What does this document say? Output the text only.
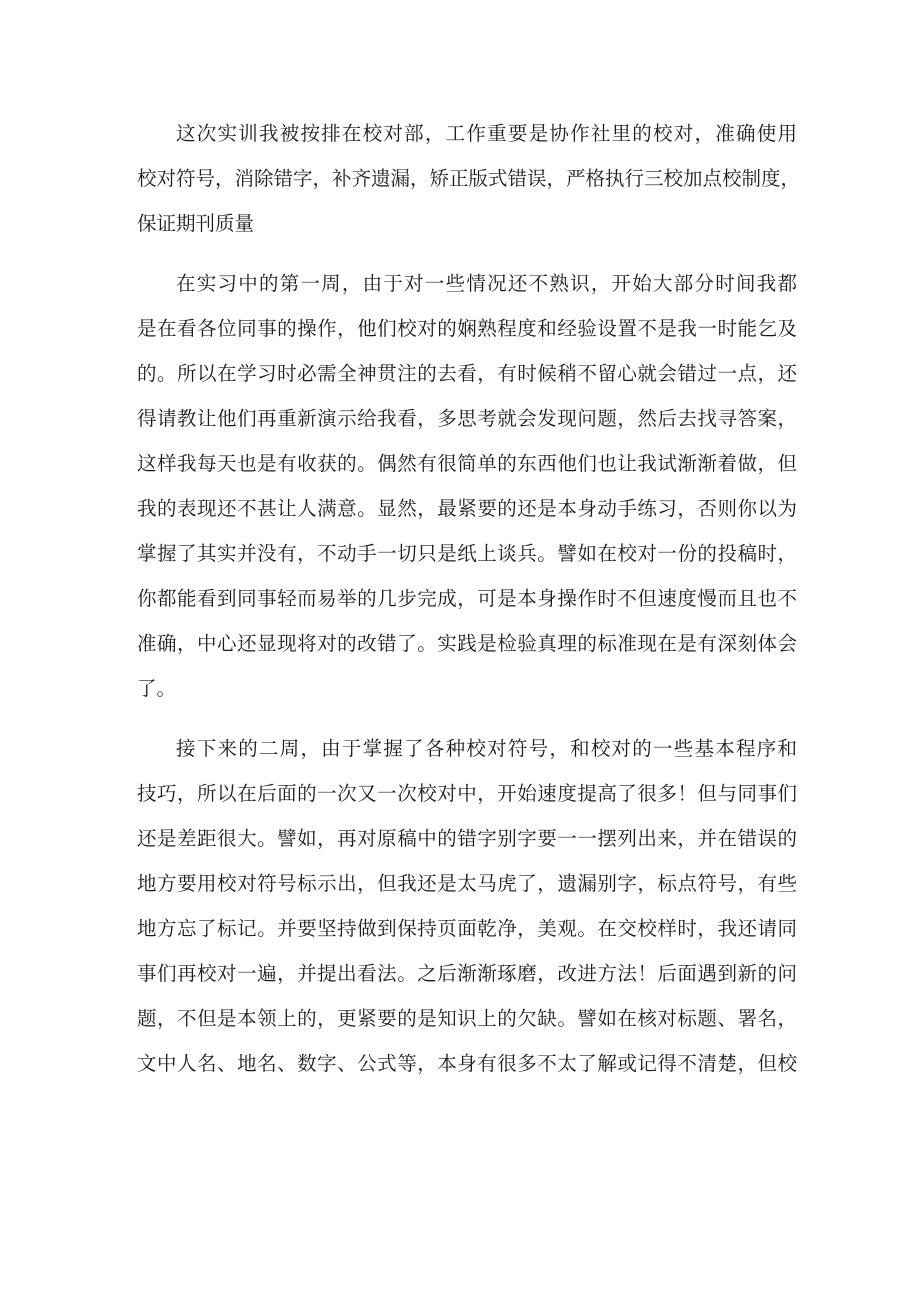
这次实训我被按排在校对部，工作重要是协作社里的校对，准确使用
校对符号，消除错字，补齐遗漏，矫正版式错误，严格执行三校加点校制度，
保证期刊质量
在实习中的第一周，由于对一些情况还不熟识，开始大部分时间我都
是在看各位同事的操作，他们校对的娴熟程度和经验设置不是我一时能乞及
的。所以在学习时必需全神贯注的去看，有时候稍不留心就会错过一点，还
得请教让他们再重新演示给我看，多思考就会发现问题，然后去找寻答案，
这样我每天也是有收获的。偶然有很简单的东西他们也让我试渐渐着做，但
我的表现还不甚让人满意。显然，最紧要的还是本身动手练习，否则你以为
掌握了其实并没有，不动手一切只是纸上谈兵。譬如在校对一份的投稿时，
你都能看到同事轻而易举的几步完成，可是本身操作时不但速度慢而且也不
准确，中心还显现将对的改错了。实践是检验真理的标准现在是有深刻体会
了。
接下来的二周，由于掌握了各种校对符号，和校对的一些基本程序和
技巧，所以在后面的一次又一次校对中，开始速度提高了很多！但与同事们
还是差距很大。譬如，再对原稿中的错字别字要一一摆列出来，并在错误的
地方要用校对符号标示出，但我还是太马虎了，遗漏别字，标点符号，有些
地方忘了标记。并要坚持做到保持页面乾净，美观。在交校样时，我还请同
事们再校对一遍，并提出看法。之后渐渐琢磨，改进方法！后面遇到新的问
题，不但是本领上的，更紧要的是知识上的欠缺。譬如在核对标题、署名，
文中人名、地名、数字、公式等，本身有很多不太了解或记得不清楚，但校
